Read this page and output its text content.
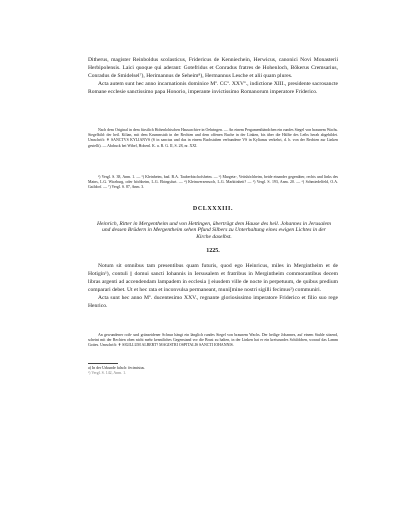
Ditherus, magister Reinboldus scolasticus, Fridericus de Kenniechein, Herwicus, canonici Novi Monasterii Herbipolensis. Laici quoque qui aderant: Gotefridus et Conradus fratres de Hohenloch, Bökerus Cremsarius, Conradus de Smidelsel⁷), Herimannus de Seheim⁸), Hermannus Lesche et alii quam plures.

Acta autem sunt hec anno incarnationis dominice Mº. CCº. XXVº., indictione XIII., presidente sacrosancte Romane ecclesie sanctissimo papa Honorio, imperante invictissimo Romanorum imperatore Friderico.

Nach dem Original in dem fürstlich Hohenlohischen Hausarchive in Oehringen. — An einem Pergamentbändchen ein rundes Siegel von braunem Wachs. Siegelbild: der heil. Kilian, mit dem Krummstab in der Rechten und dem offenen Buche in der Linken, bis über die Hälfte des Leibs herab abgebildet. Umschrift: ✝ SANCTVS KYLIANVS (S in sanctus und das in einem Buchstaben verbundene VS in Kylianus verkehrt, d. h. von der Rechten zur Linken gestellt). — Abdruck bei Wibel, Hohenl. K. u. R. G. II, S. 28, nr. XXI.

¹) Vergl. S. 38, Anm. 1. — ²) Kleinheim, bad. B.A. Tauberbischofsheim. — ³) Margeta-, Veitshöchheim, beide einander gegenüber, rechts und links des Mains, L.G. Wirzburg, oder höchheim, L.G. Ebingsfurt. — ⁴) Kleinwerzensoch, L.G. Marktinheit? — ⁵) Vergl. S. 193, Anm. 20. — ⁶) Schmiedelfeld, O.A. Gaildorf. — ⁷) Vergl. S. 87, Anm. 3.

DCLXXXIII.

Heinrich, Ritter in Mergentheim und von Hettingen, überträgt dem Hause des heil. Johannes in Jerusalem und dessen Brüdern in Mergentheim sehen Pfund Silbers zu Unterhaltung eines ewigen Lichtes in der Kirche daselbst.

1225.

Notum sit omnibus tam presentibus quam futuris, quod ego Heinricus, miles in Mergintheim et de Hotigin¹), contuli || domui sancti Iohannis in Iersusalem et fratribus in Mergintheim commorantibus decem libras argenti ad accendendam lampadem in ecclesia || eiusdem ville de nocte in perpetuum, de quibus predium comparari debet. Ut et hec rata et inconvulsa permaneant, muni[mine nostri sigilli fecimus²) communiri.

Acta sunt hec anno Mº. ducentesimo XXV., regnante gloriosissimo imperatore Friderico et filio suo rege Henrico.

An gewundener roth- und grünseidener Schnur hängt ein länglich rundes Siegel von braunem Wachs. Der heilige Johannes, auf einem Stuhle sitzend, scheint mit der Rechten oben nicht mehr kenntliches Gegenstand vor die Brust zu halten, in der Linken hat er ein kreisrundes Schildchen, worauf das Lamm Gottes. Umschrift: ✝ SIGILLUM ALBERT? MAGISTRI OSPITALIS SANCTI IOHANNIS.

a) In der Urkunde falsch: fecimistus.

¹) Vergl. S. 142, Anm. 1.
